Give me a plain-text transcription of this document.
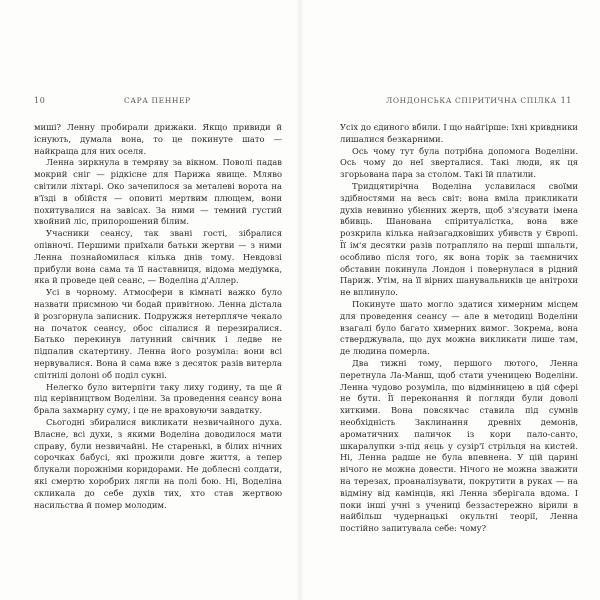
10	САРА ПЕННЕР

миші? Ленну пробирали дрижаки. Якщо привиди й існують, думала вона, то це покинуте шато — найкраща для них оселя.

Ленна зиркнула в темряву за вікном. Поволі падав мокрий сніг — рідкісне для Парижа явище. Мляво світили ліхтарі. Око зачепилося за металеві ворота на в'їзді в обійстя — оповиті мертвим плющем, вони похитувалися на завісах. За ними — темний густий хвойний ліс, припорошений білим.

Учасники сеансу, так звані гості, зібралися опівночі. Першими приїхали батьки жертви — з ними Ленна познайомилася кілька днів тому. Невдовзі прибули вона сама та її наставниця, відома медіумка, яка й проведе цей сеанс, — Воделіна д'Аллер.

Усі в чорному. Атмосфери в кімнаті важко було назвати присмною чи бодай привітною. Ленна дістала й розгорнула записник. Подружжя нетерпляче чекало на початок сеансу, обос сіпалися й перезиралися. Батько перекинув латунний свічник і ледве не підпалив скатертину. Ленна його розуміла: вони всі нервувалися. Вона й сама вже з десяток разів витерла спітнілі долоні об поділ сукні.

Нелегко було витерпіти таку лиху годину, та ще й під керівництвом Воделіни. За проведення сеансу вона брала захмарну суму, і це не враховуючи завдатку.

Сьогодні збиралися викликати незвичайного духа. Власне, всі духи, з якими Воделіна доводилося мати справу, були незвичайні. Не старенькі, в білих нічних сорочках бабусі, які прожили довге життя, а тепер блукали порожніми коридорами. Не доблесні солдати, які смертю хоробрих лягли на полі бою. Ні, Воделіна скликала до себе духів тих, хто став жертвою насильства й помер молодим.

ЛОНДОНСЬКА СПІРИТИЧНА СПІЛКА 11

Усіх до єдиного вбили. І що найгірше: їхні кривдники лишалися безкарними.

Ось чому тут була потрібна допомога Воделіни. Ось чому до неї зверталися. Такі люди, як ця згорьована пара за столом. Такі їй платили.

Тридцятирічна Воделіна уславилася своїми здібностями на весь світ: вона вміла прикликати духів невинно убієнних жертв, щоб з'ясувати імена вбивць. Шанована спіритуалістка, вона вже розкрила кілька найзагадковіших убивств у Європі. Її ім'я десятки разів потрапляло на перші шпальти, особливо після того, як вона торік за таємничих обставин покинула Лондон і повернулася в рідний Париж. Утім, на її вірних шанувальників це анітрохи не вплинуло.

Покинуте шато могло здатися химерним місцем для проведення сеансу — але в методиці Воделіни взагалі було багато химерних вимог. Зокрема, вона стверджувала, що дух можна викликати лише там, де людина померла.

Два тижні тому, першого лютого, Ленна перетнула Ла-Манш, щоб стати ученицею Воделіни. Ленна чудово розуміла, що відмінницею в цій сфері не бути. Її переконання й погляди були доволі хиткими. Вона повсякчас ставила під сумнів необхідність Заклинання древніх демонів, ароматичних паличок із кори пало-санто, шкаралупки з-під яєць у сузір'ї стрільця на кистей. Ні, Ленна радше не була впевнена. У цій царині нічого не можна довести. Нічого не можна зважити на терезах, проаналізувати, покрутити в руках — на відміну від камінців, які Ленна зберігала вдома. І поки інші учні з учениці беззастережно вірили в найбільш чудернацькі окультні теорії, Ленна постійно запитувала себе: чому?
